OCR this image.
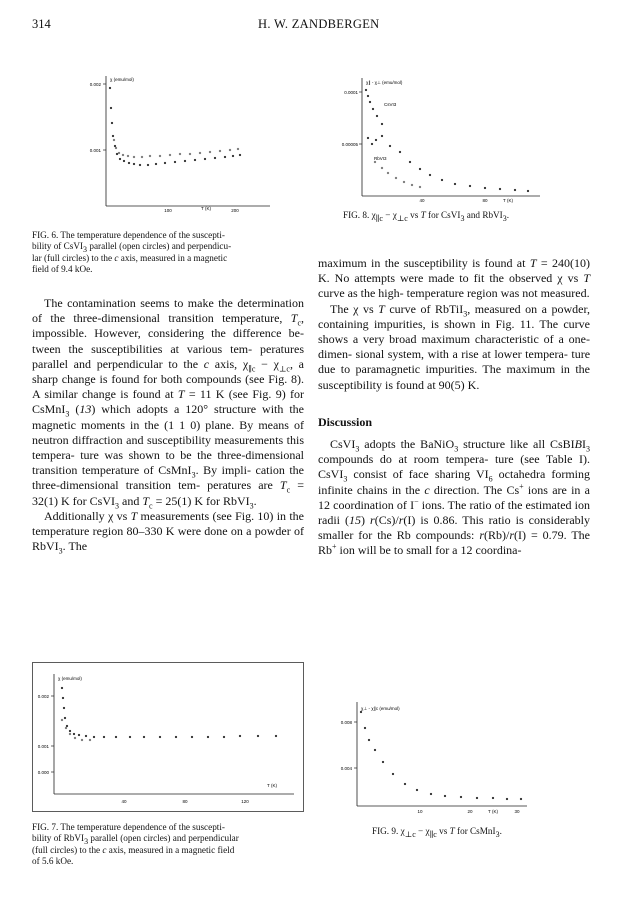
314	H. W. ZANDBERGEN
χ (emu/mol)
0.002
0.001
100	200
T (K)
FIG. 6. The temperature dependence of the suscepti-
bility of CsVI$_3$ parallel (open circles) and perpendicu-
lar (full circles) to the c axis, measured in a magnetic
field of 9.4 kOe.
χ∥ - χ⊥ (emu/mol)
0.0001
0.00005
CsVI3
RbVI3
40	80	T (K)
FIG. 8. $\chi_{\parallel c} - \chi_{\perp c}$ vs T for CsVI$_3$ and RbVI$_3$.

The contamination seems to make the determination of the three-dimensional transition temperature, $T_c$, impossible. However, considering the difference be- tween the susceptibilities at various tem- peratures parallel and perpendicular to the c axis, $\chi_{\parallel c} - \chi_{\perp c}$, a sharp change is found for both compounds (see Fig. 8). A similar change is found at T = 11 K (see Fig. 9) for CsMnI$_3$ (13) which adopts a 120° structure with the magnetic moments in the (1 1 0) plane. By means of neutron diffraction and susceptibility measurements this tempera- ture was shown to be the three-dimensional transition temperature of CsMnI$_3$. By impli- cation the three-dimensional transition tem- peratures are $T_c = 32(1)$ K for CsVI$_3$ and $T_c = 25(1)$ K for RbVI$_3$.

Additionally χ vs T measurements (see Fig. 10) in the temperature region 80–330 K were done on a powder of RbVI$_3$. The

maximum in the susceptibility is found at T = 240(10) K. No attempts were made to fit the observed χ vs T curve as the high- temperature region was not measured.

The χ vs T curve of RbTiI$_3$, measured on a powder, containing impurities, is shown in Fig. 11. The curve shows a very broad maximum characteristic of a one-dimen- sional system, with a rise at lower tempera- ture due to paramagnetic impurities. The maximum in the susceptibility is found at 90(5) K.

Discussion

CsVI$_3$ adopts the BaNiO$_3$ structure like all CsBIBI$_3$ compounds do at room tempera- ture (see Table I). CsVI$_3$ consist of face sharing $VI_6$ octahedra forming infinite chains in the c direction. The Cs+ ions are in a 12 coordination of I− ions. The ratio of the estimated ion radii (15) r(Cs)/r(I) is 0.86. This ratio is considerably smaller for the Rb compounds: r(Rb)/r(I) = 0.79. The Rb+ ion will be to small for a 12 coordina-

χ (emu/mol)
0.002
0.001
0.000
40	80	120
T (K)
FIG. 7. The temperature dependence of the suscepti-
bility of RbVI$_3$ parallel (open circles) and perpendicular
(full circles) to the c axis, measured in a magnetic field
of 5.6 kOe.
χ⊥ - χ∥c (emu/mol)
0.008
0.004
10	20	30
T (K)
FIG. 9. $\chi_{\perp c} - \chi_{\parallel c}$ vs T for CsMnI$_3$.
